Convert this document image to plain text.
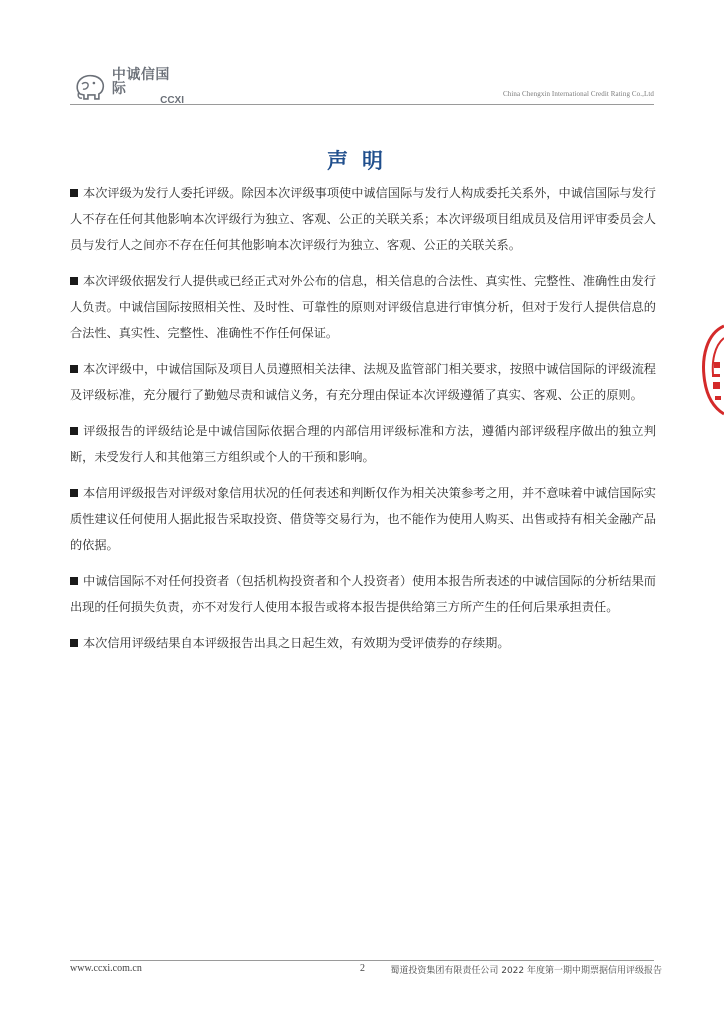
中诚信国际
CCXI
China Chengxin International Credit Rating Co.,Ltd
声明

本次评级为发行人委托评级。除因本次评级事项使中诚信国际与发行人构成委托关系外，中诚信国际与发行人不存在任何其他影响本次评级行为独立、客观、公正的关联关系；本次评级项目组成员及信用评审委员会人员与发行人之间亦不存在任何其他影响本次评级行为独立、客观、公正的关联关系。

本次评级依据发行人提供或已经正式对外公布的信息，相关信息的合法性、真实性、完整性、准确性由发行人负责。中诚信国际按照相关性、及时性、可靠性的原则对评级信息进行审慎分析，但对于发行人提供信息的合法性、真实性、完整性、准确性不作任何保证。

本次评级中，中诚信国际及项目人员遵照相关法律、法规及监管部门相关要求，按照中诚信国际的评级流程及评级标准，充分履行了勤勉尽责和诚信义务，有充分理由保证本次评级遵循了真实、客观、公正的原则。

评级报告的评级结论是中诚信国际依据合理的内部信用评级标准和方法，遵循内部评级程序做出的独立判断，未受发行人和其他第三方组织或个人的干预和影响。

本信用评级报告对评级对象信用状况的任何表述和判断仅作为相关决策参考之用，并不意味着中诚信国际实质性建议任何使用人据此报告采取投资、借贷等交易行为，也不能作为使用人购买、出售或持有相关金融产品的依据。

中诚信国际不对任何投资者（包括机构投资者和个人投资者）使用本报告所表述的中诚信国际的分析结果而出现的任何损失负责，亦不对发行人使用本报告或将本报告提供给第三方所产生的任何后果承担责任。

本次信用评级结果自本评级报告出具之日起生效，有效期为受评债券的存续期。

www.ccxi.com.cn	2	蜀道投资集团有限责任公司 2022 年度第一期中期票据信用评级报告
